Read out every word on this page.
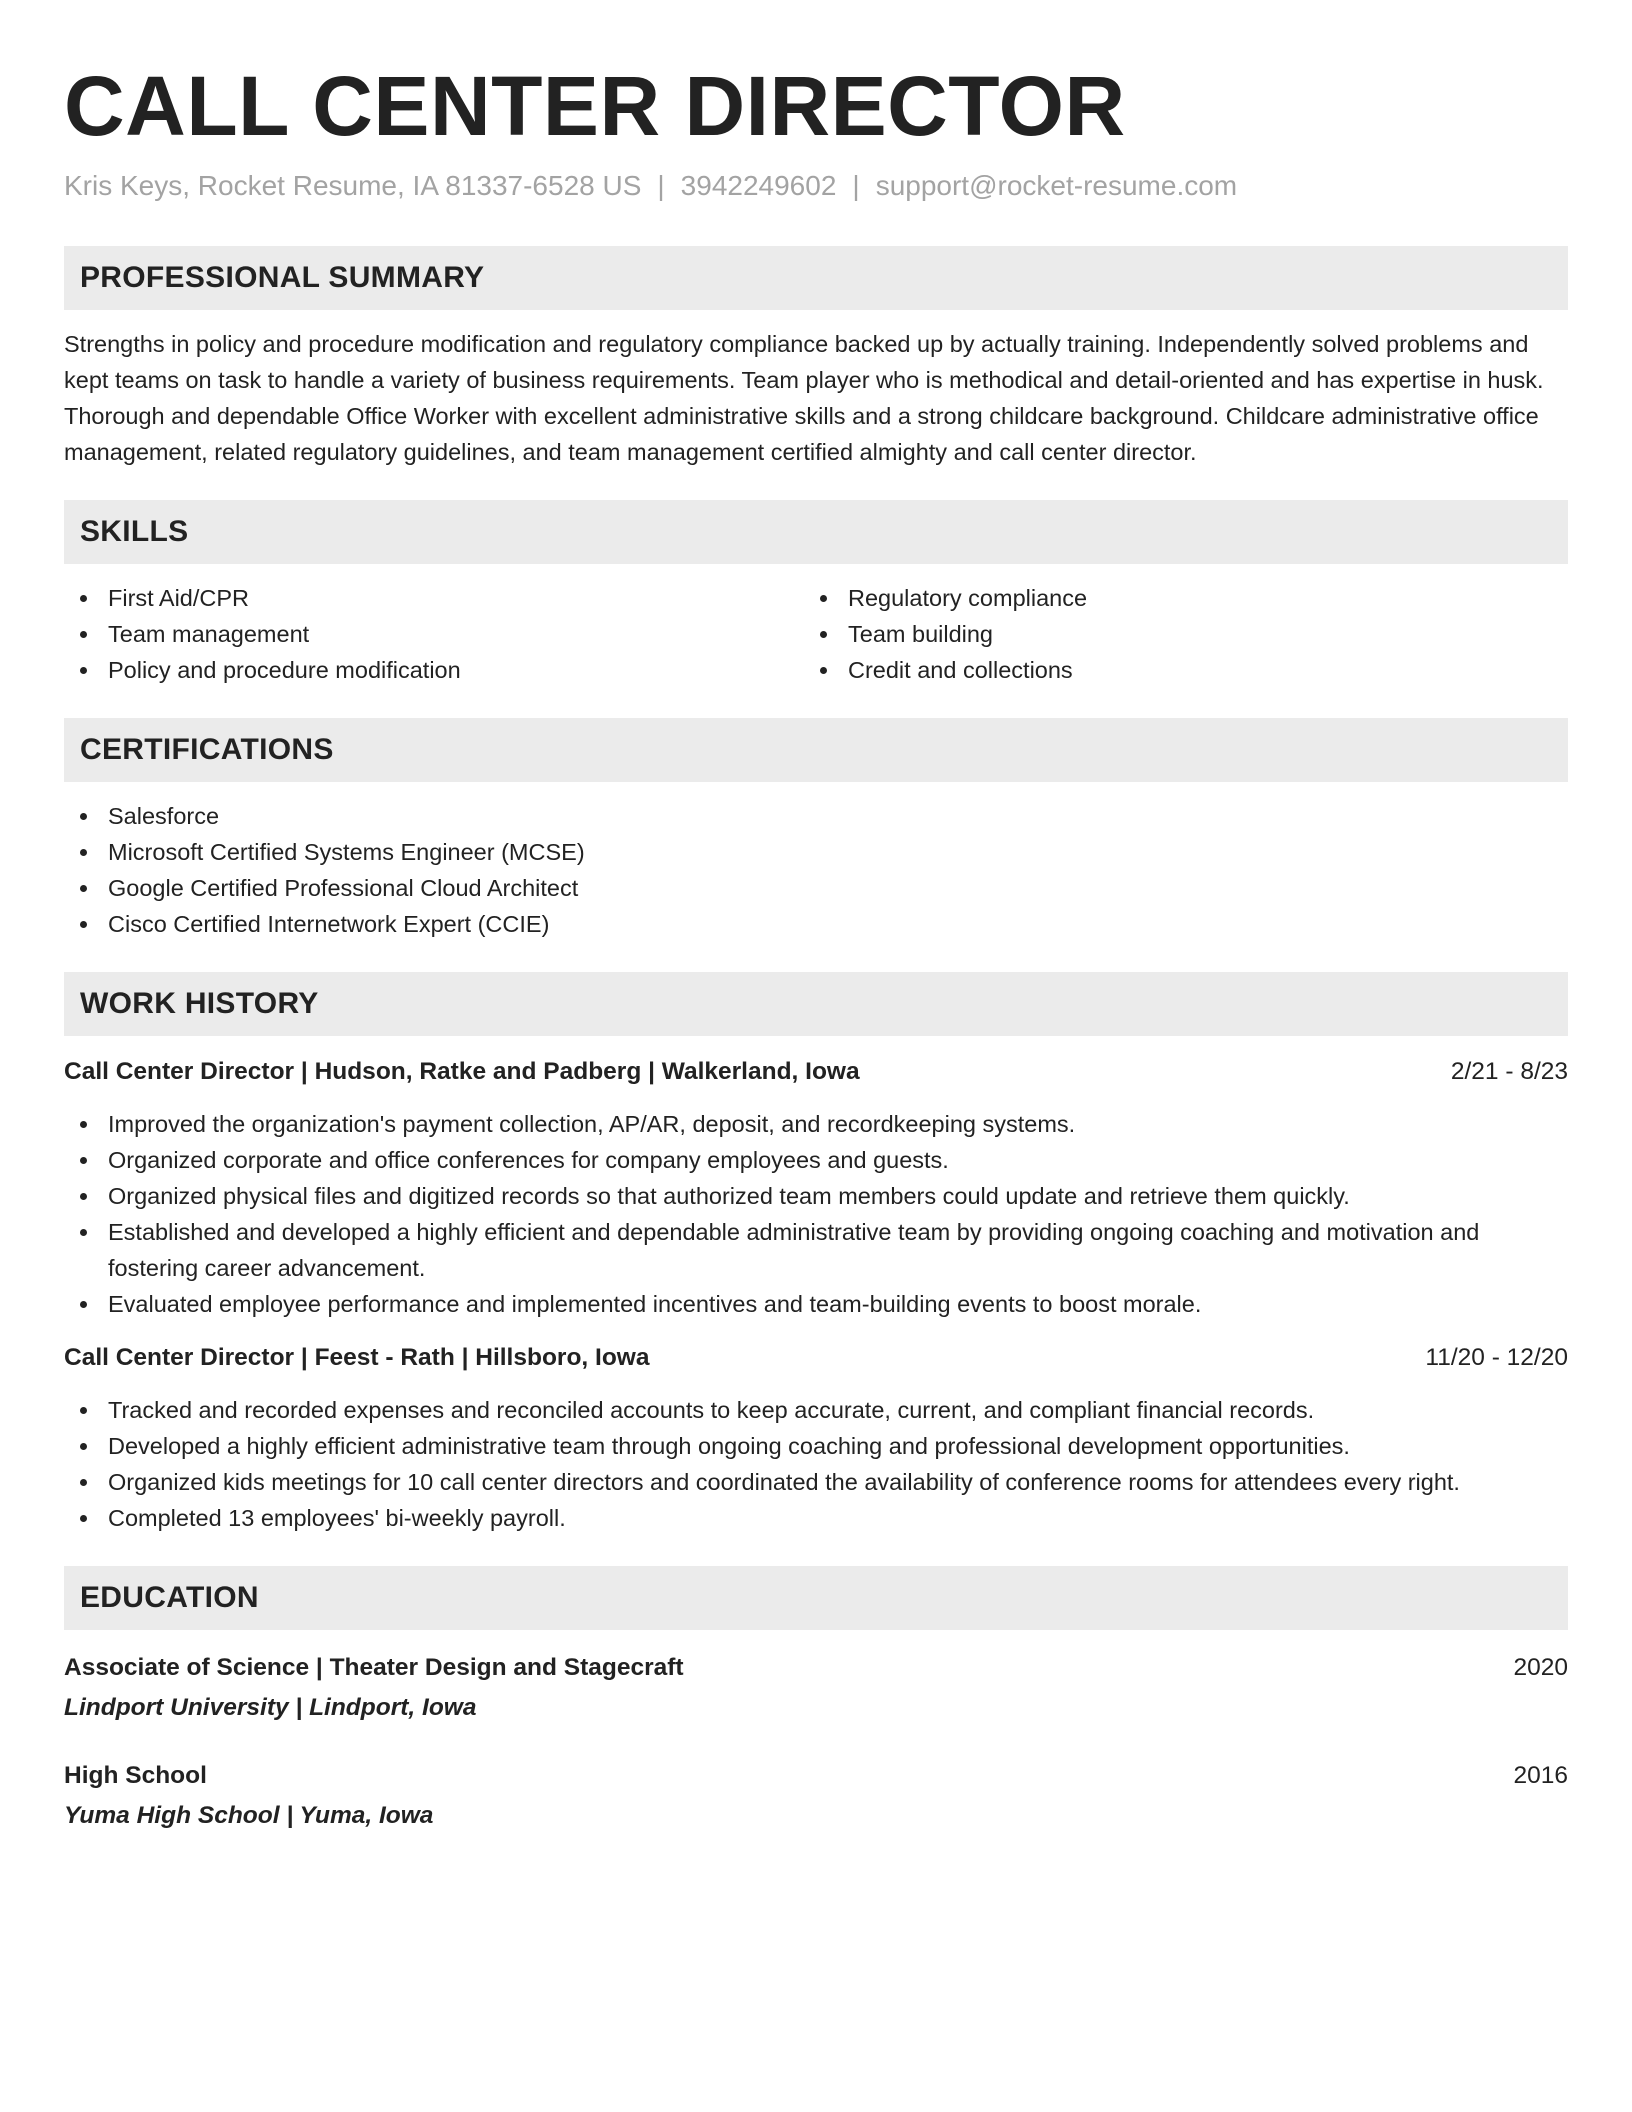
CALL CENTER DIRECTOR
Kris Keys, Rocket Resume, IA 81337-6528 US | 3942249602 | support@rocket-resume.com
PROFESSIONAL SUMMARY

Strengths in policy and procedure modification and regulatory compliance backed up by actually training. Independently solved problems and kept teams on task to handle a variety of business requirements. Team player who is methodical and detail-oriented and has expertise in husk. Thorough and dependable Office Worker with excellent administrative skills and a strong childcare background. Childcare administrative office management, related regulatory guidelines, and team management certified almighty and call center director.

SKILLS
First Aid/CPR
Team management
Policy and procedure modification
Regulatory compliance
Team building
Credit and collections
CERTIFICATIONS
Salesforce
Microsoft Certified Systems Engineer (MCSE)
Google Certified Professional Cloud Architect
Cisco Certified Internetwork Expert (CCIE)
WORK HISTORY
Call Center Director | Hudson, Ratke and Padberg | Walkerland, Iowa	2/21 - 8/23
Improved the organization's payment collection, AP/AR, deposit, and recordkeeping systems.
Organized corporate and office conferences for company employees and guests.
Organized physical files and digitized records so that authorized team members could update and retrieve them quickly.
Established and developed a highly efficient and dependable administrative team by providing ongoing coaching and motivation and fostering career advancement.
Evaluated employee performance and implemented incentives and team-building events to boost morale.
Call Center Director | Feest - Rath | Hillsboro, Iowa	11/20 - 12/20
Tracked and recorded expenses and reconciled accounts to keep accurate, current, and compliant financial records.
Developed a highly efficient administrative team through ongoing coaching and professional development opportunities.
Organized kids meetings for 10 call center directors and coordinated the availability of conference rooms for attendees every right.
Completed 13 employees' bi-weekly payroll.
EDUCATION
Associate of Science | Theater Design and Stagecraft	2020
Lindport University | Lindport, Iowa
High School	2016
Yuma High School | Yuma, Iowa
